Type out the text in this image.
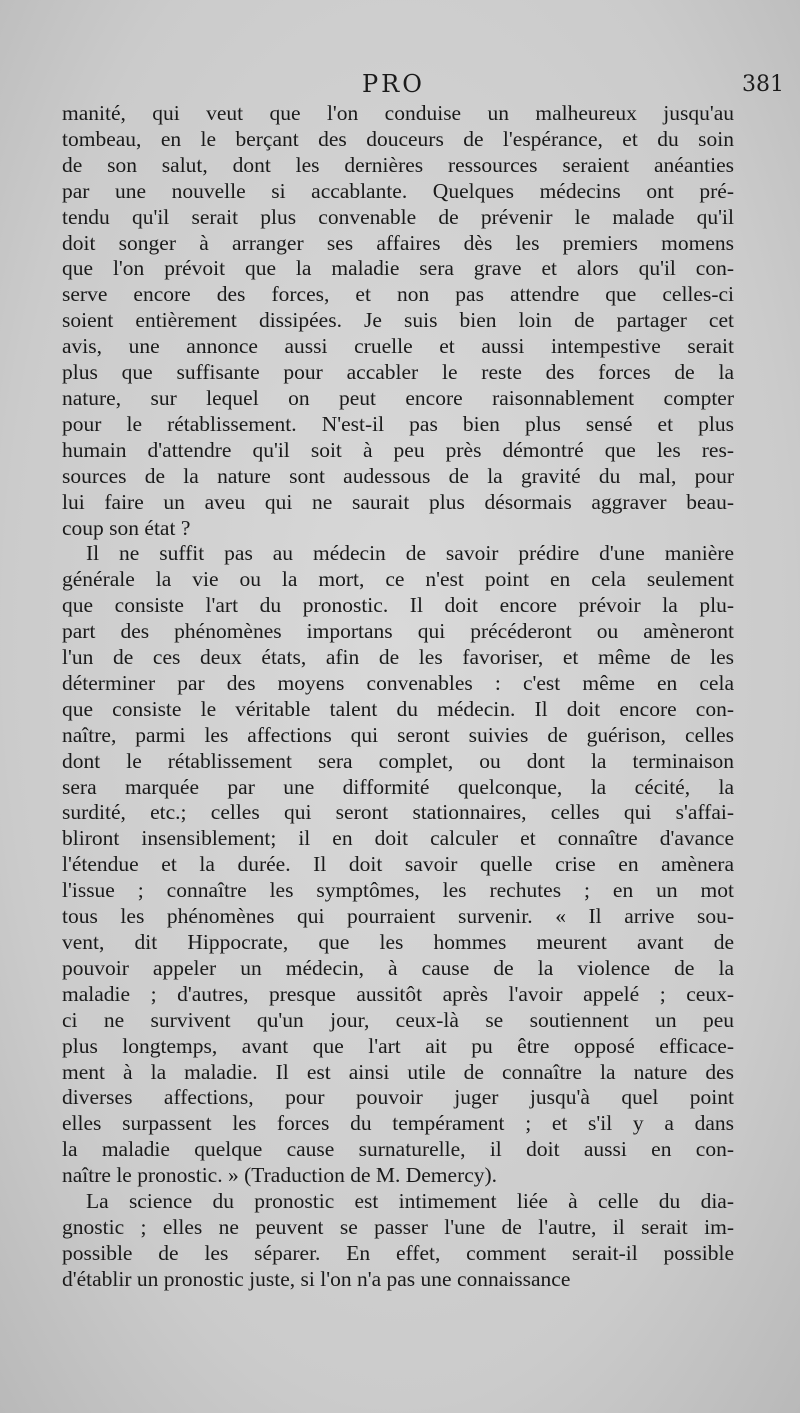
PRO	381
manité, qui veut que l'on conduise un malheureux jusqu'au
tombeau, en le berçant des douceurs de l'espérance, et du soin
de son salut, dont les dernières ressources seraient anéanties
par une nouvelle si accablante. Quelques médecins ont pré-
tendu qu'il serait plus convenable de prévenir le malade qu'il
doit songer à arranger ses affaires dès les premiers momens
que l'on prévoit que la maladie sera grave et alors qu'il con-
serve encore des forces, et non pas attendre que celles-ci
soient entièrement dissipées. Je suis bien loin de partager cet
avis, une annonce aussi cruelle et aussi intempestive serait
plus que suffisante pour accabler le reste des forces de la
nature, sur lequel on peut encore raisonnablement compter
pour le rétablissement. N'est-il pas bien plus sensé et plus
humain d'attendre qu'il soit à peu près démontré que les res-
sources de la nature sont audessous de la gravité du mal, pour
lui faire un aveu qui ne saurait plus désormais aggraver beau-
coup son état ?
Il ne suffit pas au médecin de savoir prédire d'une manière
générale la vie ou la mort, ce n'est point en cela seulement
que consiste l'art du pronostic. Il doit encore prévoir la plu-
part des phénomènes importans qui précéderont ou amèneront
l'un de ces deux états, afin de les favoriser, et même de les
déterminer par des moyens convenables : c'est même en cela
que consiste le véritable talent du médecin. Il doit encore con-
naître, parmi les affections qui seront suivies de guérison, celles
dont le rétablissement sera complet, ou dont la terminaison
sera marquée par une difformité quelconque, la cécité, la
surdité, etc.; celles qui seront stationnaires, celles qui s'affai-
bliront insensiblement; il en doit calculer et connaître d'avance
l'étendue et la durée. Il doit savoir quelle crise en amènera
l'issue ; connaître les symptômes, les rechutes ; en un mot
tous les phénomènes qui pourraient survenir. « Il arrive sou-
vent, dit Hippocrate, que les hommes meurent avant de
pouvoir appeler un médecin, à cause de la violence de la
maladie ; d'autres, presque aussitôt après l'avoir appelé ; ceux-
ci ne survivent qu'un jour, ceux-là se soutiennent un peu
plus longtemps, avant que l'art ait pu être opposé efficace-
ment à la maladie. Il est ainsi utile de connaître la nature des
diverses affections, pour pouvoir juger jusqu'à quel point
elles surpassent les forces du tempérament ; et s'il y a dans
la maladie quelque cause surnaturelle, il doit aussi en con-
naître le pronostic. » (Traduction de M. Demercy).
La science du pronostic est intimement liée à celle du dia-
gnostic ; elles ne peuvent se passer l'une de l'autre, il serait im-
possible de les séparer. En effet, comment serait-il possible
d'établir un pronostic juste, si l'on n'a pas une connaissance
